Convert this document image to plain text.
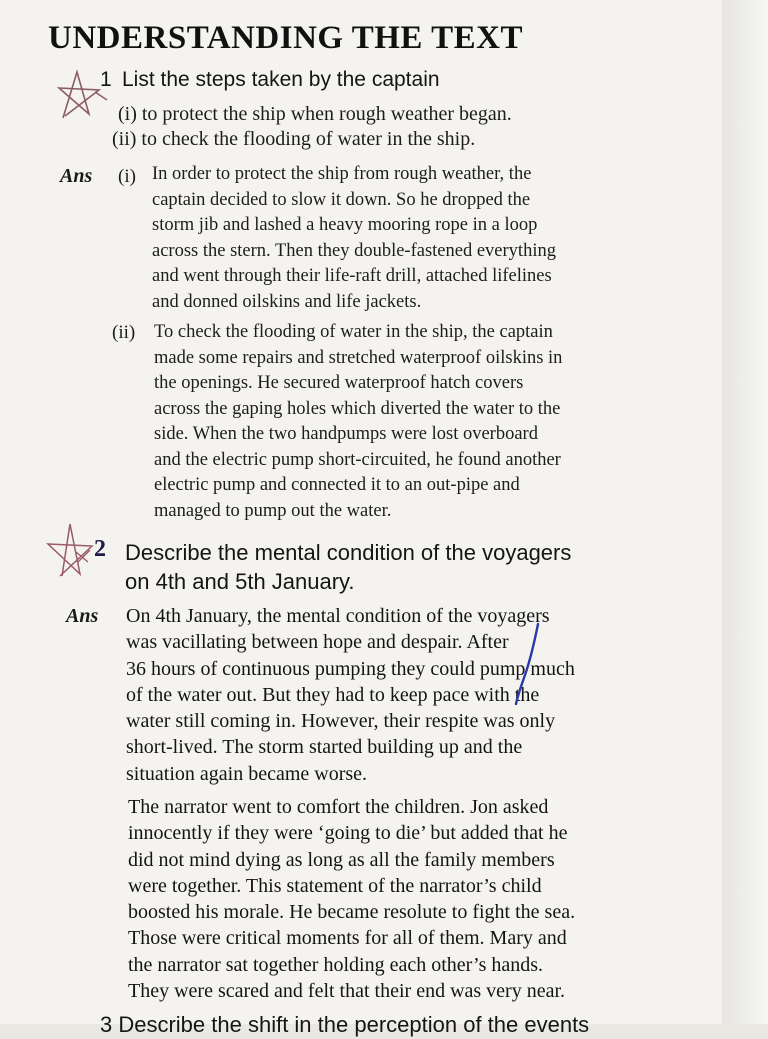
UNDERSTANDING THE TEXT
1 List the steps taken by the captain
(i) to protect the ship when rough weather began.
(ii) to check the flooding of water in the ship.
Ans (i) In order to protect the ship from rough weather, the
captain decided to slow it down. So he dropped the
storm jib and lashed a heavy mooring rope in a loop
across the stern. Then they double-fastened everything
and went through their life-raft drill, attached lifelines
and donned oilskins and life jackets.
(ii) To check the flooding of water in the ship, the captain
made some repairs and stretched waterproof oilskins in
the openings. He secured waterproof hatch covers
across the gaping holes which diverted the water to the
side. When the two handpumps were lost overboard
and the electric pump short-circuited, he found another
electric pump and connected it to an out-pipe and
managed to pump out the water.
2 Describe the mental condition of the voyagers
on 4th and 5th January.
Ans On 4th January, the mental condition of the voyagers
was vacillating between hope and despair. After
36 hours of continuous pumping they could pump much
of the water out. But they had to keep pace with the
water still coming in. However, their respite was only
short-lived. The storm started building up and the
situation again became worse.
The narrator went to comfort the children. Jon asked
innocently if they were ‘going to die’ but added that he
did not mind dying as long as all the family members
were together. This statement of the narrator’s child
boosted his morale. He became resolute to fight the sea.
Those were critical moments for all of them. Mary and
the narrator sat together holding each other’s hands.
They were scared and felt that their end was very near.
3 Describe the shift in the perception of the events
